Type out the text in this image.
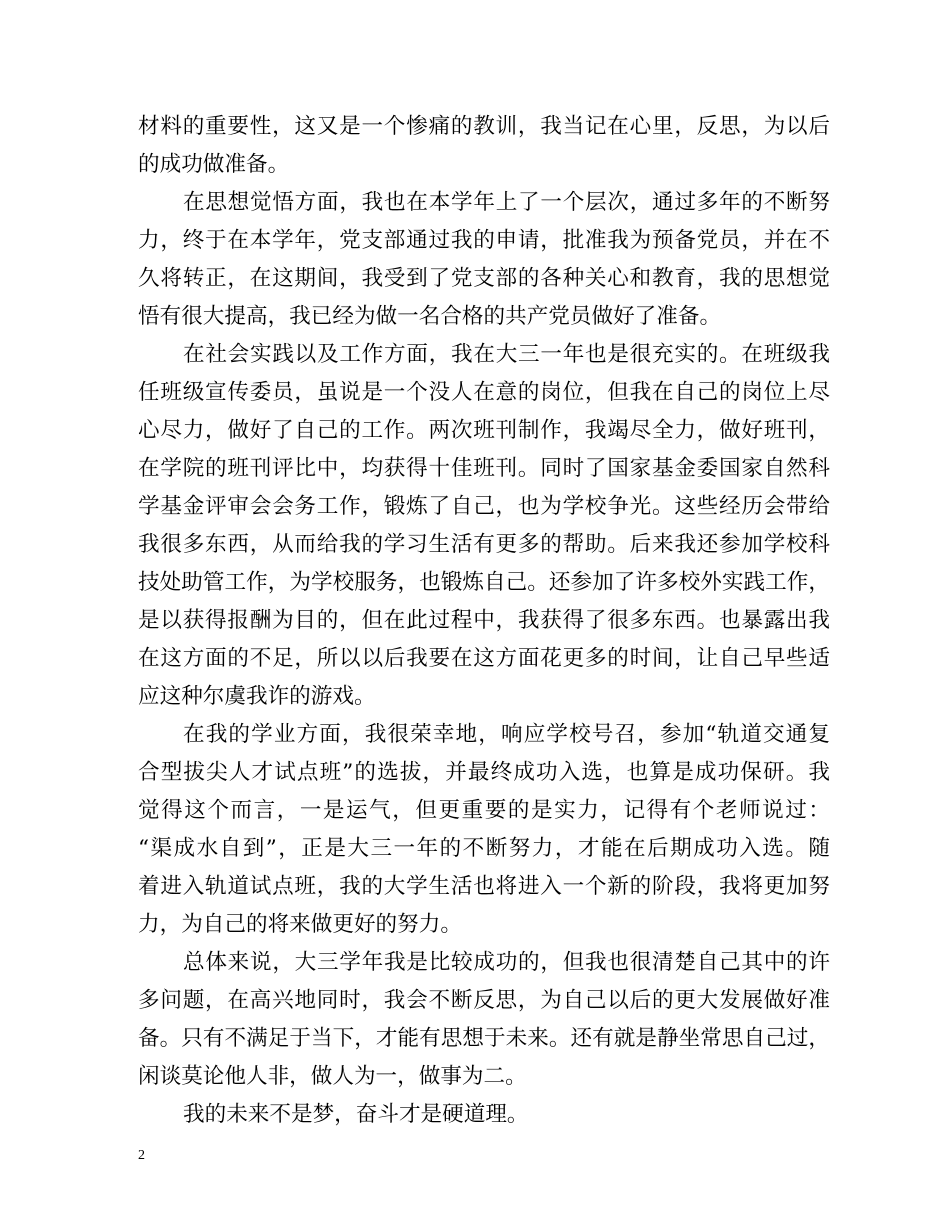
材料的重要性，这又是一个惨痛的教训，我当记在心里，反思，为以后
的成功做准备。
在思想觉悟方面，我也在本学年上了一个层次，通过多年的不断努
力，终于在本学年，党支部通过我的申请，批准我为预备党员，并在不
久将转正，在这期间，我受到了党支部的各种关心和教育，我的思想觉
悟有很大提高，我已经为做一名合格的共产党员做好了准备。
在社会实践以及工作方面，我在大三一年也是很充实的。在班级我
任班级宣传委员，虽说是一个没人在意的岗位，但我在自己的岗位上尽
心尽力，做好了自己的工作。两次班刊制作，我竭尽全力，做好班刊，
在学院的班刊评比中，均获得十佳班刊。同时了国家基金委国家自然科
学基金评审会会务工作，锻炼了自己，也为学校争光。这些经历会带给
我很多东西，从而给我的学习生活有更多的帮助。后来我还参加学校科
技处助管工作，为学校服务，也锻炼自己。还参加了许多校外实践工作，
是以获得报酬为目的，但在此过程中，我获得了很多东西。也暴露出我
在这方面的不足，所以以后我要在这方面花更多的时间，让自己早些适
应这种尔虞我诈的游戏。
在我的学业方面，我很荣幸地，响应学校号召，参加“轨道交通复
合型拔尖人才试点班”的选拔，并最终成功入选，也算是成功保研。我
觉得这个而言，一是运气，但更重要的是实力，记得有个老师说过：
“渠成水自到”，正是大三一年的不断努力，才能在后期成功入选。随
着进入轨道试点班，我的大学生活也将进入一个新的阶段，我将更加努
力，为自己的将来做更好的努力。
总体来说，大三学年我是比较成功的，但我也很清楚自己其中的许
多问题，在高兴地同时，我会不断反思，为自己以后的更大发展做好准
备。只有不满足于当下，才能有思想于未来。还有就是静坐常思自己过，
闲谈莫论他人非，做人为一，做事为二。
我的未来不是梦，奋斗才是硬道理。
2
